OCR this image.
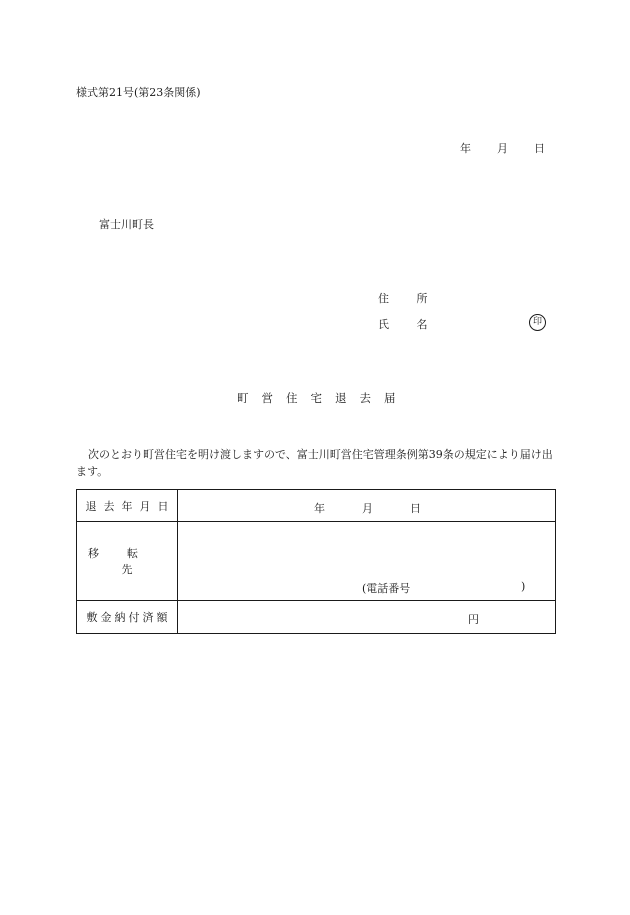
様式第21号(第23条関係)
年 月 日
富士川町長
住 所
氏 名	印
町営住宅退去届
次のとおり町営住宅を明け渡しますので、富士川町営住宅管理条例第39条の規定により届け出ます。
退去年月日	年 月 日

移転先	(電話番号 )

敷金納付済額	円
